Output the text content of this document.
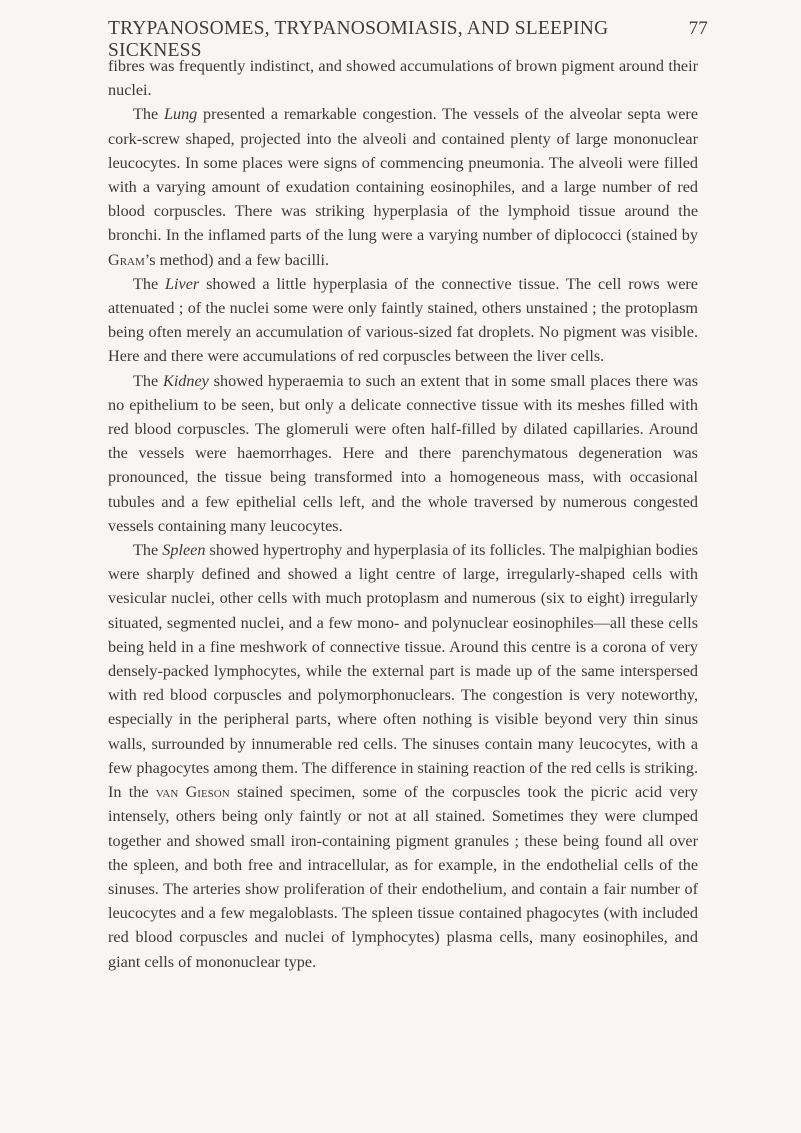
TRYPANOSOMES, TRYPANOSOMIASIS, AND SLEEPING SICKNESS
77

fibres was frequently indistinct, and showed accumulations of brown pigment around their nuclei.

The Lung presented a remarkable congestion. The vessels of the alveolar septa were cork-screw shaped, projected into the alveoli and contained plenty of large mononuclear leucocytes. In some places were signs of commencing pneumonia. The alveoli were filled with a varying amount of exudation containing eosinophiles, and a large number of red blood corpuscles. There was striking hyperplasia of the lymphoid tissue around the bronchi. In the inflamed parts of the lung were a varying number of diplococci (stained by Gram’s method) and a few bacilli.

The Liver showed a little hyperplasia of the connective tissue. The cell rows were attenuated ; of the nuclei some were only faintly stained, others unstained ; the protoplasm being often merely an accumulation of various-sized fat droplets. No pigment was visible. Here and there were accumulations of red corpuscles between the liver cells.

The Kidney showed hyperaemia to such an extent that in some small places there was no epithelium to be seen, but only a delicate connective tissue with its meshes filled with red blood corpuscles. The glomeruli were often half-filled by dilated capillaries. Around the vessels were haemorrhages. Here and there parenchymatous degeneration was pronounced, the tissue being transformed into a homogeneous mass, with occasional tubules and a few epithelial cells left, and the whole traversed by numerous congested vessels containing many leucocytes.

The Spleen showed hypertrophy and hyperplasia of its follicles. The malpighian bodies were sharply defined and showed a light centre of large, irregularly-shaped cells with vesicular nuclei, other cells with much protoplasm and numerous (six to eight) irregularly situated, segmented nuclei, and a few mono- and polynuclear eosinophiles—all these cells being held in a fine meshwork of connective tissue. Around this centre is a corona of very densely-packed lymphocytes, while the external part is made up of the same interspersed with red blood corpuscles and polymorphonuclears. The congestion is very noteworthy, especially in the peripheral parts, where often nothing is visible beyond very thin sinus walls, surrounded by innumerable red cells. The sinuses contain many leucocytes, with a few phagocytes among them. The difference in staining reaction of the red cells is striking. In the van Gieson stained specimen, some of the corpuscles took the picric acid very intensely, others being only faintly or not at all stained. Sometimes they were clumped together and showed small iron-containing pigment granules ; these being found all over the spleen, and both free and intracellular, as for example, in the endothelial cells of the sinuses. The arteries show proliferation of their endothelium, and contain a fair number of leucocytes and a few megaloblasts. The spleen tissue contained phagocytes (with included red blood corpuscles and nuclei of lymphocytes) plasma cells, many eosinophiles, and giant cells of mononuclear type.
